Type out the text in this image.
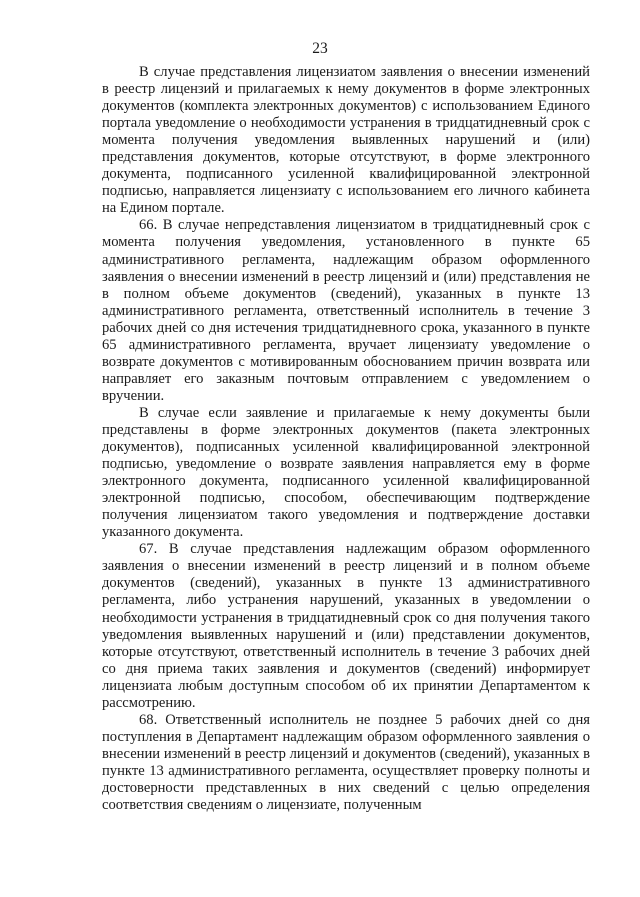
23

В случае представления лицензиатом заявления о внесении изменений в реестр лицензий и прилагаемых к нему документов в форме электронных документов (комплекта электронных документов) с использованием Единого портала уведомление о необходимости устранения в тридцатидневный срок с момента получения уведомления выявленных нарушений и (или) представления документов, которые отсутствуют, в форме электронного документа, подписанного усиленной квалифицированной электронной подписью, направляется лицензиату с использованием его личного кабинета на Едином портале.

66. В случае непредставления лицензиатом в тридцатидневный срок с момента получения уведомления, установленного в пункте 65 административного регламента, надлежащим образом оформленного заявления о внесении изменений в реестр лицензий и (или) представления не в полном объеме документов (сведений), указанных в пункте 13 административного регламента, ответственный исполнитель в течение 3 рабочих дней со дня истечения тридцатидневного срока, указанного в пункте 65 административного регламента, вручает лицензиату уведомление о возврате документов с мотивированным обоснованием причин возврата или направляет его заказным почтовым отправлением с уведомлением о вручении.

В случае если заявление и прилагаемые к нему документы были представлены в форме электронных документов (пакета электронных документов), подписанных усиленной квалифицированной электронной подписью, уведомление о возврате заявления направляется ему в форме электронного документа, подписанного усиленной квалифицированной электронной подписью, способом, обеспечивающим подтверждение получения лицензиатом такого уведомления и подтверждение доставки указанного документа.

67. В случае представления надлежащим образом оформленного заявления о внесении изменений в реестр лицензий и в полном объеме документов (сведений), указанных в пункте 13 административного регламента, либо устранения нарушений, указанных в уведомлении о необходимости устранения в тридцатидневный срок со дня получения такого уведомления выявленных нарушений и (или) представлении документов, которые отсутствуют, ответственный исполнитель в течение 3 рабочих дней со дня приема таких заявления и документов (сведений) информирует лицензиата любым доступным способом об их принятии Департаментом к рассмотрению.

68. Ответственный исполнитель не позднее 5 рабочих дней со дня поступления в Департамент надлежащим образом оформленного заявления о внесении изменений в реестр лицензий и документов (сведений), указанных в пункте 13 административного регламента, осуществляет проверку полноты и достоверности представленных в них сведений с целью определения соответствия сведениям о лицензиате, полученным
